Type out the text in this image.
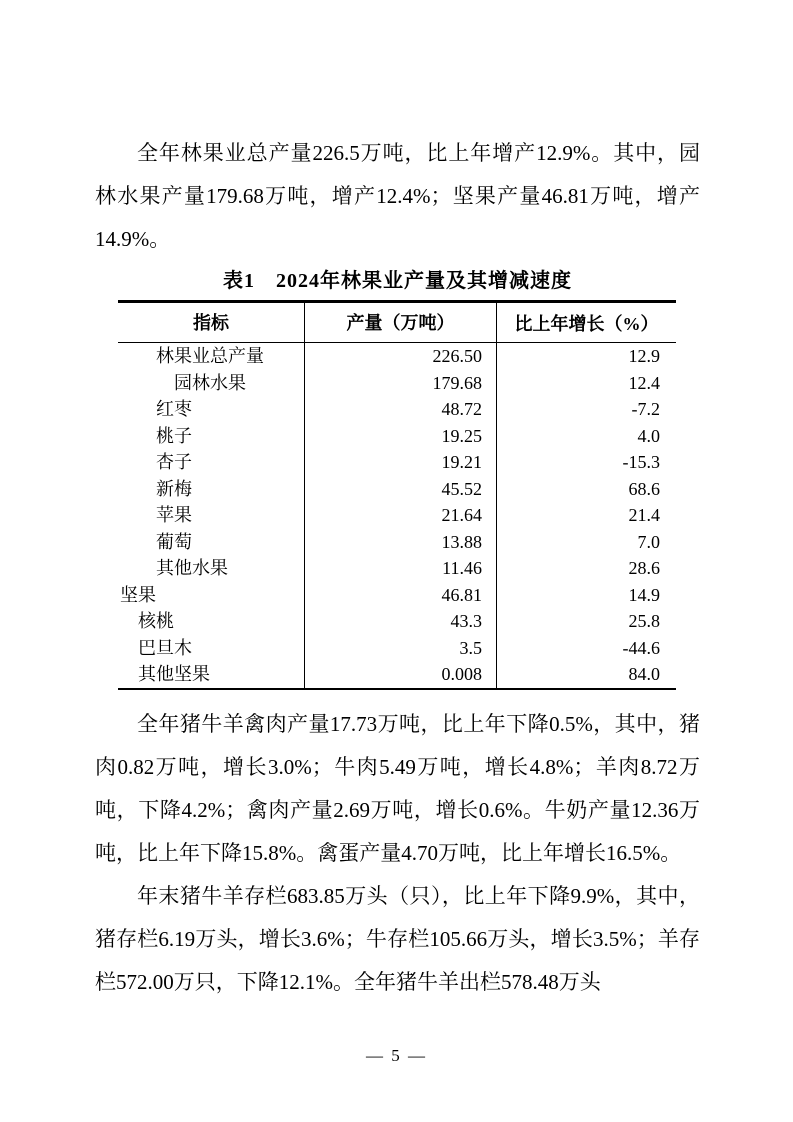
全年林果业总产量226.5万吨，比上年增产12.9%。其中，园林水果产量179.68万吨，增产12.4%；坚果产量46.81万吨，增产14.9%。

表1　2024年林果业产量及其增减速度
指标	产量（万吨）	比上年增长（%）
林果业总产量	226.50	12.9
园林水果	179.68	12.4
红枣	48.72	-7.2
桃子	19.25	4.0
杏子	19.21	-15.3
新梅	45.52	68.6
苹果	21.64	21.4
葡萄	13.88	7.0
其他水果	11.46	28.6
坚果	46.81	14.9
核桃	43.3	25.8
巴旦木	3.5	-44.6
其他坚果	0.008	84.0

全年猪牛羊禽肉产量17.73万吨，比上年下降0.5%，其中，猪肉0.82万吨，增长3.0%；牛肉5.49万吨，增长4.8%；羊肉8.72万吨，下降4.2%；禽肉产量2.69万吨，增长0.6%。牛奶产量12.36万吨，比上年下降15.8%。禽蛋产量4.70万吨，比上年增长16.5%。

年末猪牛羊存栏683.85万头（只），比上年下降9.9%，其中，猪存栏6.19万头，增长3.6%；牛存栏105.66万头，增长3.5%；羊存栏572.00万只，下降12.1%。全年猪牛羊出栏578.48万头

— 5 —
